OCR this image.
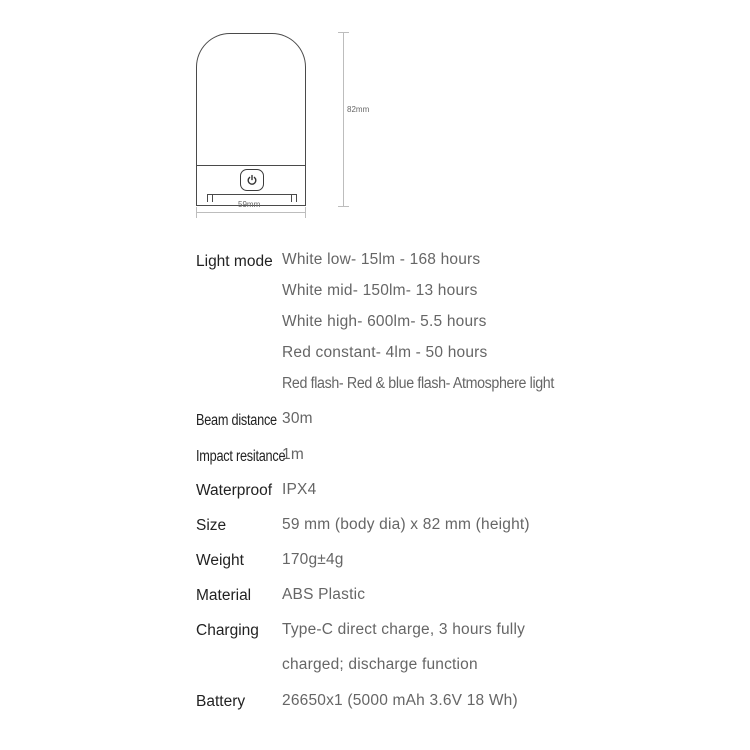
82mm
59mm
Light mode White low- 15lm - 168 hours
White mid- 150lm- 13 hours
White high- 600lm- 5.5 hours
Red constant- 4lm - 50 hours
Red flash- Red & blue flash- Atmosphere light
Beam distance 30m
Impact resitance
1m
Waterproof IPX4
Size	59 mm (body dia) x 82 mm (height)
Weight 170g±4g
Material ABS Plastic
Charging Type-C direct charge, 3 hours fully
charged; discharge function
Battery 26650x1 (5000 mAh 3.6V 18 Wh)
